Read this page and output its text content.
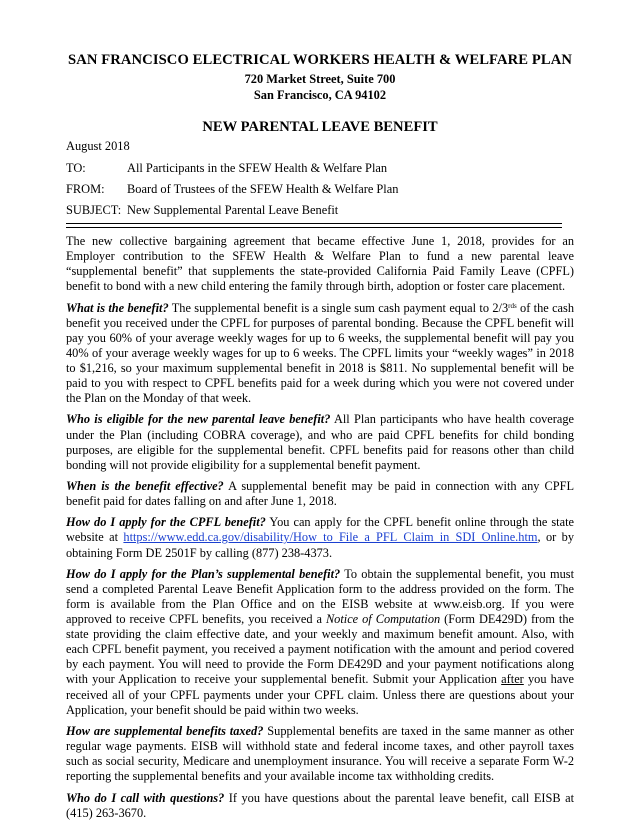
SAN FRANCISCO ELECTRICAL WORKERS HEALTH & WELFARE PLAN
720 Market Street, Suite 700
San Francisco, CA 94102
NEW PARENTAL LEAVE BENEFIT
August 2018
TO:	All Participants in the SFEW Health & Welfare Plan
FROM: Board of Trustees of the SFEW Health & Welfare Plan
SUBJECT: New Supplemental Parental Leave Benefit

The new collective bargaining agreement that became effective June 1, 2018, provides for an Employer contribution to the SFEW Health & Welfare Plan to fund a new parental leave “supplemental benefit” that supplements the state-provided California Paid Family Leave (CPFL) benefit to bond with a new child entering the family through birth, adoption or foster care placement.

What is the benefit? The supplemental benefit is a single sum cash payment equal to $2/3^{rds}$ of the cash benefit you received under the CPFL for purposes of parental bonding. Because the CPFL benefit will pay you 60% of your average weekly wages for up to 6 weeks, the supplemental benefit will pay you 40% of your average weekly wages for up to 6 weeks. The CPFL limits your “weekly wages” in 2018 to $1,216, so your maximum supplemental benefit in 2018 is $811. No supplemental benefit will be paid to you with respect to CPFL benefits paid for a week during which you were not covered under the Plan on the Monday of that week.

Who is eligible for the new parental leave benefit? All Plan participants who have health coverage under the Plan (including COBRA coverage), and who are paid CPFL benefits for child bonding purposes, are eligible for the supplemental benefit. CPFL benefits paid for reasons other than child bonding will not provide eligibility for a supplemental benefit payment.

When is the benefit effective? A supplemental benefit may be paid in connection with any CPFL benefit paid for dates falling on and after June 1, 2018.

How do I apply for the CPFL benefit? You can apply for the CPFL benefit online through the state website at https://www.edd.ca.gov/disability/How_to_File_a_PFL_Claim_in_SDI_Online.htm, or by obtaining Form DE 2501F by calling (877) 238-4373.

How do I apply for the Plan’s supplemental benefit? To obtain the supplemental benefit, you must send a completed Parental Leave Benefit Application form to the address provided on the form. The form is available from the Plan Office and on the EISB website at www.eisb.org. If you were approved to receive CPFL benefits, you received a Notice of Computation (Form DE429D) from the state providing the claim effective date, and your weekly and maximum benefit amount. Also, with each CPFL benefit payment, you received a payment notification with the amount and period covered by each payment. You will need to provide the Form DE429D and your payment notifications along with your Application to receive your supplemental benefit. Submit your Application after you have received all of your CPFL payments under your CPFL claim. Unless there are questions about your Application, your benefit should be paid within two weeks.

How are supplemental benefits taxed? Supplemental benefits are taxed in the same manner as other regular wage payments. EISB will withhold state and federal income taxes, and other payroll taxes such as social security, Medicare and unemployment insurance. You will receive a separate Form W-2 reporting the supplemental benefits and your available income tax withholding credits.

Who do I call with questions? If you have questions about the parental leave benefit, call EISB at (415) 263-3670.
